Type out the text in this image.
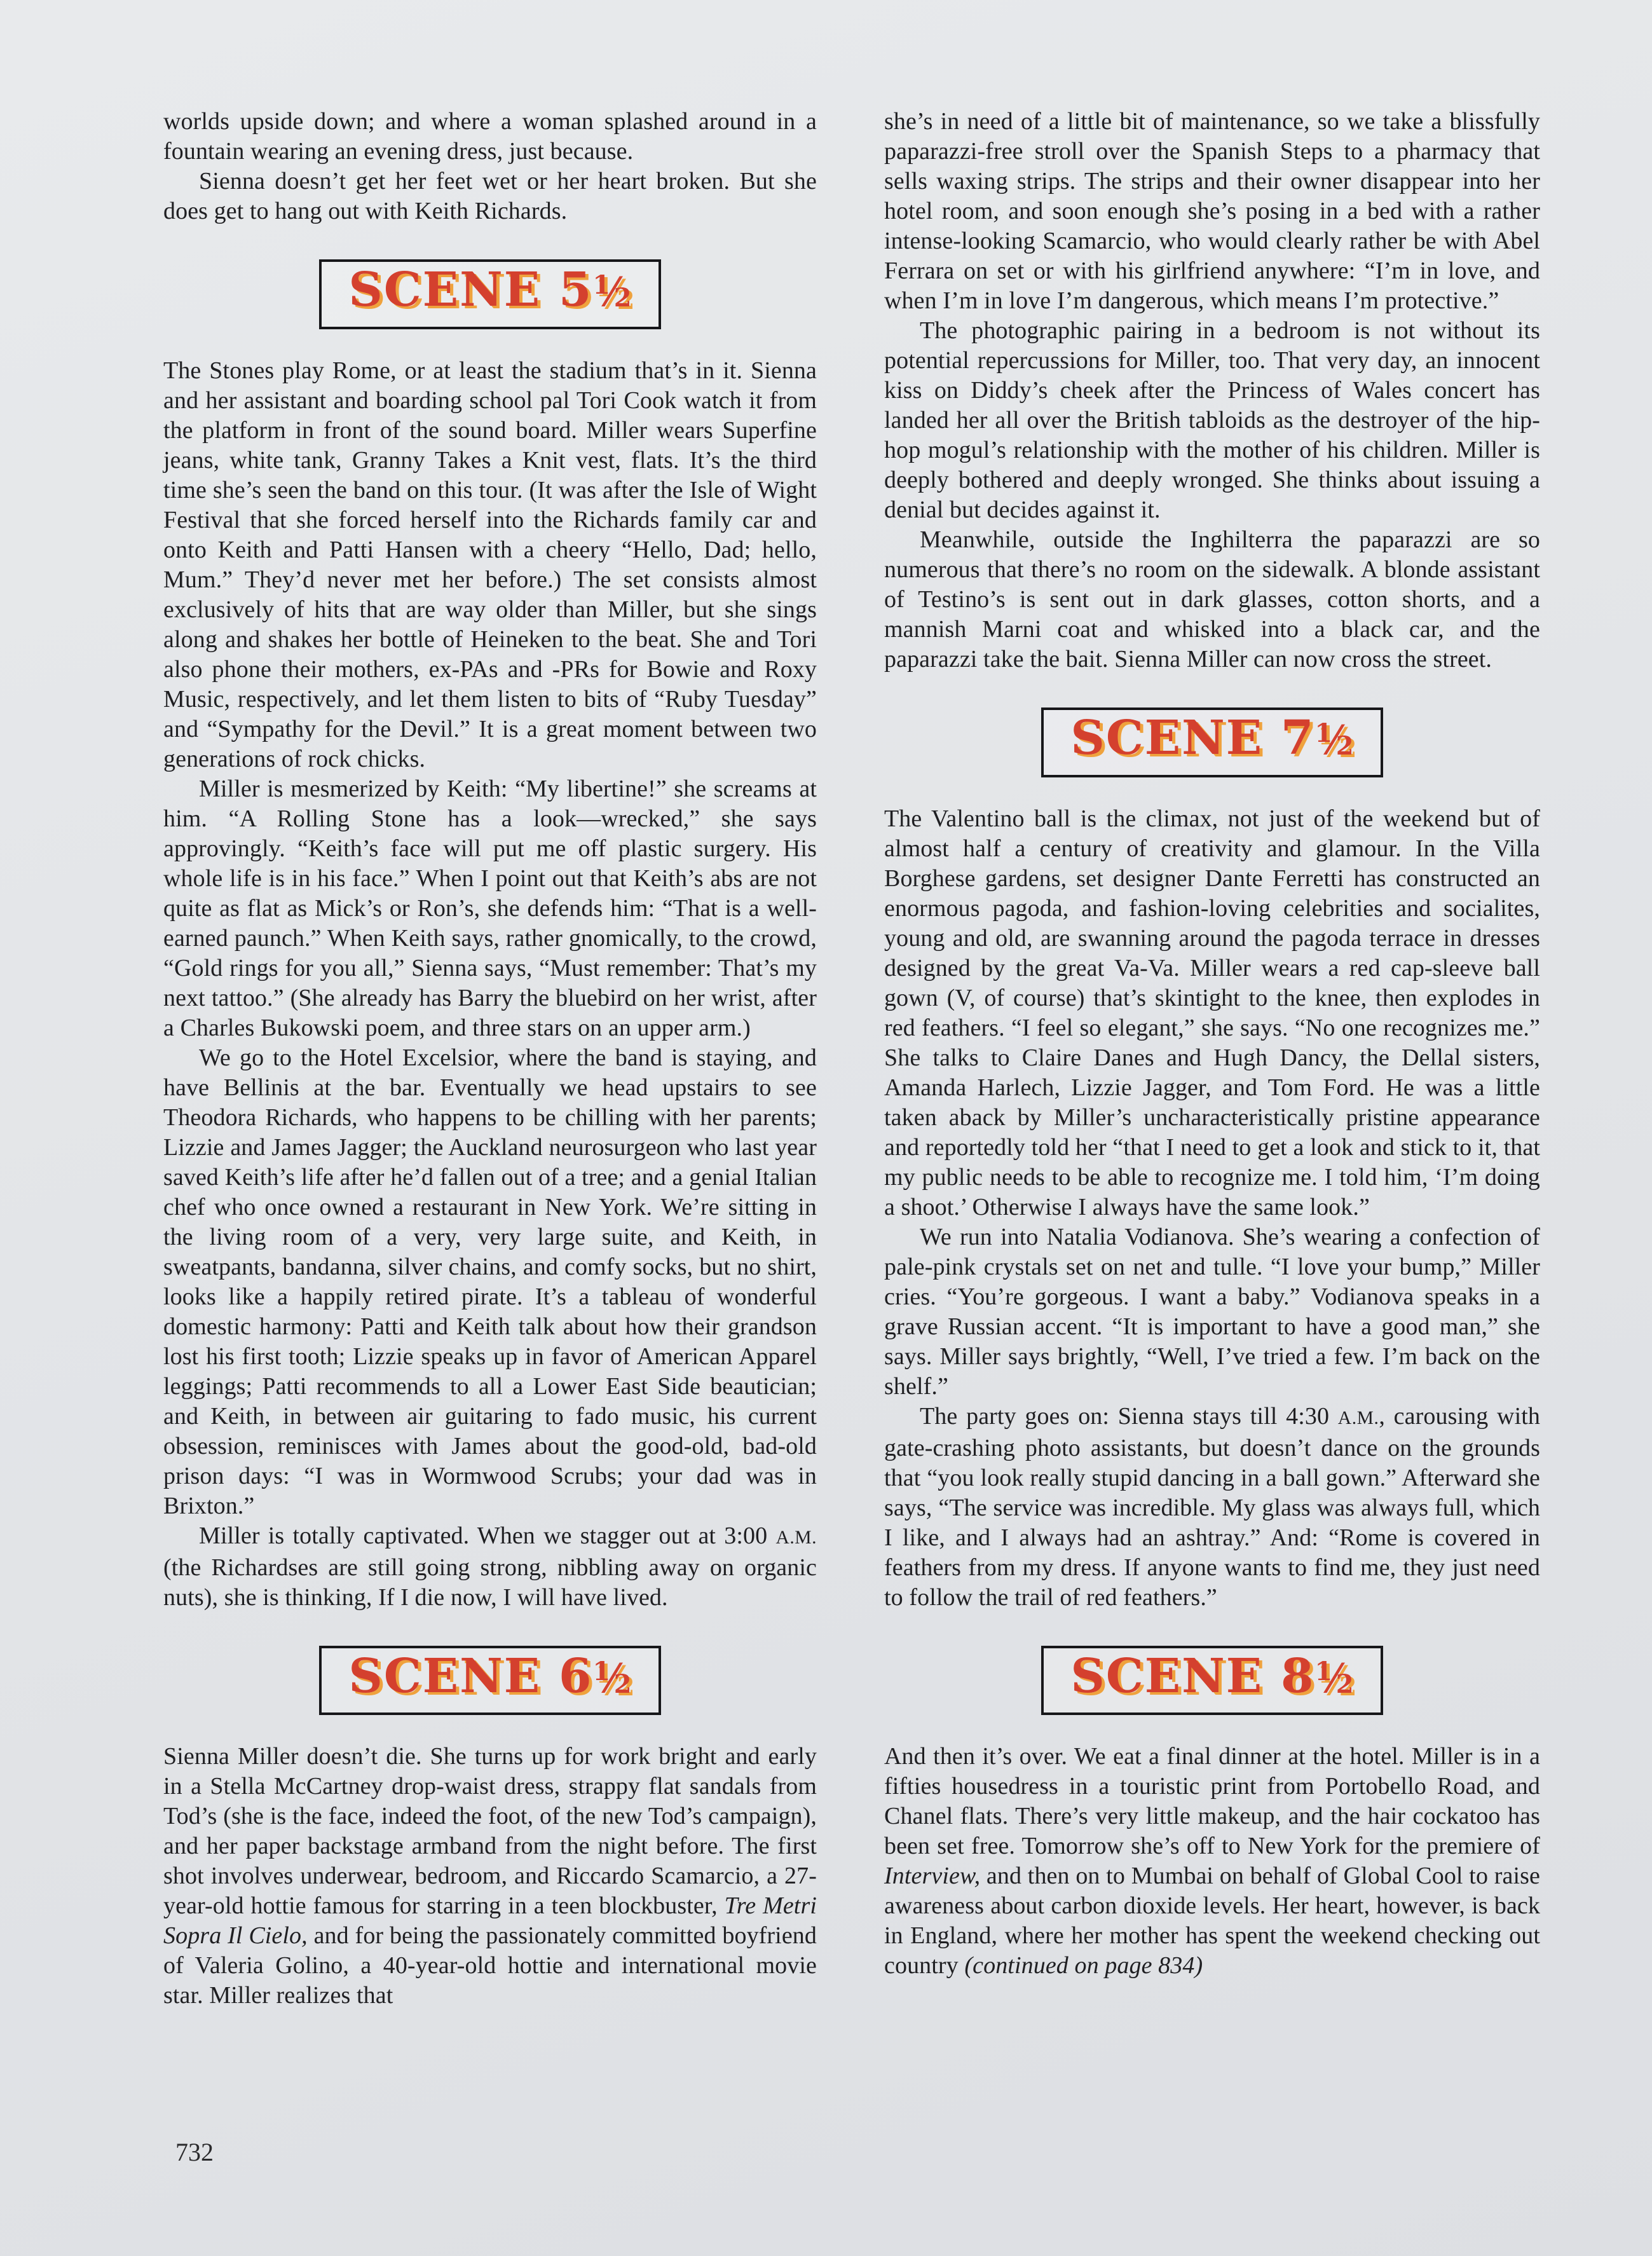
worlds upside down; and where a woman splashed around in a fountain wearing an evening dress, just because.

Sienna doesn’t get her feet wet or her heart broken. But she does get to hang out with Keith Richards.

SCENE $5^1⁄_2$

The Stones play Rome, or at least the stadium that’s in it. Sienna and her assistant and boarding school pal Tori Cook watch it from the platform in front of the sound board. Miller wears Superfine jeans, white tank, Granny Takes a Knit vest, flats. It’s the third time she’s seen the band on this tour. (It was after the Isle of Wight Festival that she forced herself into the Richards family car and onto Keith and Patti Hansen with a cheery “Hello, Dad; hello, Mum.” They’d never met her before.) The set consists almost exclusively of hits that are way older than Miller, but she sings along and shakes her bottle of Heineken to the beat. She and Tori also phone their mothers, ex-PAs and -PRs for Bowie and Roxy Music, respectively, and let them listen to bits of “Ruby Tuesday” and “Sympathy for the Devil.” It is a great moment between two generations of rock chicks.

Miller is mesmerized by Keith: “My libertine!” she screams at him. “A Rolling Stone has a look—wrecked,” she says approvingly. “Keith’s face will put me off plastic surgery. His whole life is in his face.” When I point out that Keith’s abs are not quite as flat as Mick’s or Ron’s, she defends him: “That is a well-earned paunch.” When Keith says, rather gnomically, to the crowd, “Gold rings for you all,” Sienna says, “Must remember: That’s my next tattoo.” (She already has Barry the bluebird on her wrist, after a Charles Bukowski poem, and three stars on an upper arm.)

We go to the Hotel Excelsior, where the band is staying, and have Bellinis at the bar. Eventually we head upstairs to see Theodora Richards, who happens to be chilling with her parents; Lizzie and James Jagger; the Auckland neurosurgeon who last year saved Keith’s life after he’d fallen out of a tree; and a genial Italian chef who once owned a restaurant in New York. We’re sitting in the living room of a very, very large suite, and Keith, in sweatpants, bandanna, silver chains, and comfy socks, but no shirt, looks like a happily retired pirate. It’s a tableau of wonderful domestic harmony: Patti and Keith talk about how their grandson lost his first tooth; Lizzie speaks up in favor of American Apparel leggings; Patti recommends to all a Lower East Side beautician; and Keith, in between air guitaring to fado music, his current obsession, reminisces with James about the good-old, bad-old prison days: “I was in Wormwood Scrubs; your dad was in Brixton.”

Miller is totally captivated. When we stagger out at 3:00 A.M. (the Richardses are still going strong, nibbling away on organic nuts), she is thinking, If I die now, I will have lived.

SCENE $6^1⁄_2$

Sienna Miller doesn’t die. She turns up for work bright and early in a Stella McCartney drop-waist dress, strappy flat sandals from Tod’s (she is the face, indeed the foot, of the new Tod’s campaign), and her paper backstage armband from the night before. The first shot involves underwear, bedroom, and Riccardo Scamarcio, a 27-year-old hottie famous for starring in a teen blockbuster, Tre Metri Sopra Il Cielo, and for being the passionately committed boyfriend of Valeria Golino, a 40-year-old hottie and international movie star. Miller realizes that

she’s in need of a little bit of maintenance, so we take a blissfully paparazzi-free stroll over the Spanish Steps to a pharmacy that sells waxing strips. The strips and their owner disappear into her hotel room, and soon enough she’s posing in a bed with a rather intense-looking Scamarcio, who would clearly rather be with Abel Ferrara on set or with his girlfriend anywhere: “I’m in love, and when I’m in love I’m dangerous, which means I’m protective.”

The photographic pairing in a bedroom is not without its potential repercussions for Miller, too. That very day, an innocent kiss on Diddy’s cheek after the Princess of Wales concert has landed her all over the British tabloids as the destroyer of the hip-hop mogul’s relationship with the mother of his children. Miller is deeply bothered and deeply wronged. She thinks about issuing a denial but decides against it.

Meanwhile, outside the Inghilterra the paparazzi are so numerous that there’s no room on the sidewalk. A blonde assistant of Testino’s is sent out in dark glasses, cotton shorts, and a mannish Marni coat and whisked into a black car, and the paparazzi take the bait. Sienna Miller can now cross the street.

SCENE $7^1⁄_2$

The Valentino ball is the climax, not just of the weekend but of almost half a century of creativity and glamour. In the Villa Borghese gardens, set designer Dante Ferretti has constructed an enormous pagoda, and fashion-loving celebrities and socialites, young and old, are swanning around the pagoda terrace in dresses designed by the great Va-Va. Miller wears a red cap-sleeve ball gown (V, of course) that’s skintight to the knee, then explodes in red feathers. “I feel so elegant,” she says. “No one recognizes me.” She talks to Claire Danes and Hugh Dancy, the Dellal sisters, Amanda Harlech, Lizzie Jagger, and Tom Ford. He was a little taken aback by Miller’s uncharacteristically pristine appearance and reportedly told her “that I need to get a look and stick to it, that my public needs to be able to recognize me. I told him, ‘I’m doing a shoot.’ Otherwise I always have the same look.”

We run into Natalia Vodianova. She’s wearing a confection of pale-pink crystals set on net and tulle. “I love your bump,” Miller cries. “You’re gorgeous. I want a baby.” Vodianova speaks in a grave Russian accent. “It is important to have a good man,” she says. Miller says brightly, “Well, I’ve tried a few. I’m back on the shelf.”

The party goes on: Sienna stays till 4:30 A.M., carousing with gate-crashing photo assistants, but doesn’t dance on the grounds that “you look really stupid dancing in a ball gown.” Afterward she says, “The service was incredible. My glass was always full, which I like, and I always had an ashtray.” And: “Rome is covered in feathers from my dress. If anyone wants to find me, they just need to follow the trail of red feathers.”

SCENE $8^1⁄_2$

And then it’s over. We eat a final dinner at the hotel. Miller is in a fifties housedress in a touristic print from Portobello Road, and Chanel flats. There’s very little makeup, and the hair cockatoo has been set free. Tomorrow she’s off to New York for the premiere of Interview, and then on to Mumbai on behalf of Global Cool to raise awareness about carbon dioxide levels. Her heart, however, is back in England, where her mother has spent the weekend checking out country (continued on page 834)

732
